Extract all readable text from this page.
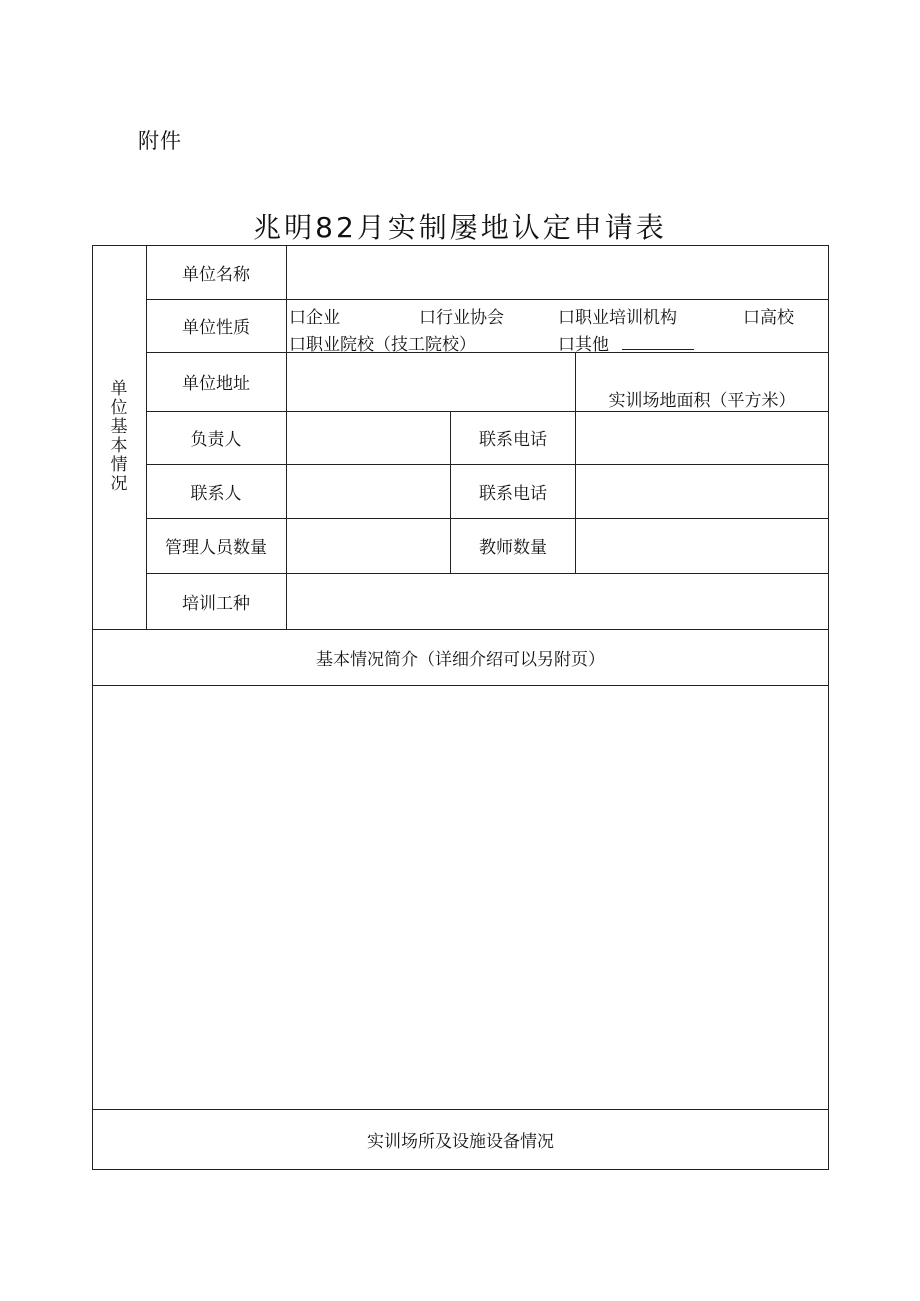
附件
兆明82月实制屡地认定申请表
单
位
基
本
情
况
单位名称
单位性质	口企业	口行业协会	口职业培训机构	口高校
口职业院校（技工院校）	口其他
单位地址
实训场地面积（平方米）
负责人	联系电话
联系人	联系电话
管理人员数量	教师数量
培训工种
基本情况简介（详细介绍可以另附页）
实训场所及设施设备情况
